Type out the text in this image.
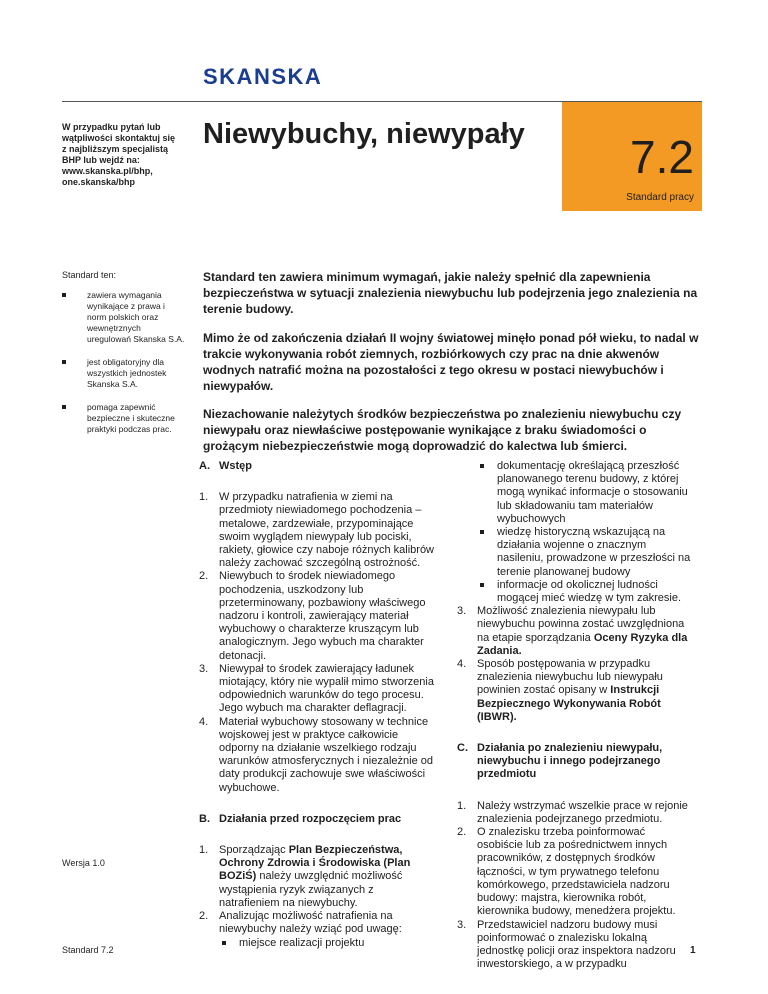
SKANSKA
W przypadku pytań lub wątpliwości skontaktuj się z najbliższym specjalistą BHP lub wejdź na: www.skanska.pl/bhp, one.skanska/bhp
Niewybuchy, niewypały 7.2
Standard pracy
Standard ten:
zawiera wymagania wynikające z prawa i norm polskich oraz wewnętrznych uregulowań Skanska S.A.
jest obligatoryjny dla wszystkich jednostek Skanska S.A.
pomaga zapewnić bezpieczne i skuteczne praktyki podczas prac.

Standard ten zawiera minimum wymagań, jakie należy spełnić dla zapewnienia bezpieczeństwa w sytuacji znalezienia niewybuchu lub podejrzenia jego znalezienia na terenie budowy.

Mimo że od zakończenia działań II wojny światowej minęło ponad pół wieku, to nadal w trakcie wykonywania robót ziemnych, rozbiórkowych czy prac na dnie akwenów wodnych natrafić można na pozostałości z tego okresu w postaci niewybuchów i niewypałów.

Niezachowanie należytych środków bezpieczeństwa po znalezieniu niewybuchu czy niewypału oraz niewłaściwe postępowanie wynikające z braku świadomości o grożącym niebezpieczeństwie mogą doprowadzić do kalectwa lub śmierci.

A. Wstęp
1. W przypadku natrafienia w ziemi na przedmioty niewiadomego pochodzenia – metalowe, zardzewiałe, przypominające swoim wyglądem niewypały lub pociski, rakiety, głowice czy naboje różnych kalibrów należy zachować szczególną ostrożność.
2. Niewybuch to środek niewiadomego pochodzenia, uszkodzony lub przeterminowany, pozbawiony właściwego nadzoru i kontroli, zawierający materiał wybuchowy o charakterze kruszącym lub analogicznym. Jego wybuch ma charakter detonacji.
3. Niewypał to środek zawierający ładunek miotający, który nie wypalił mimo stworzenia odpowiednich warunków do tego procesu. Jego wybuch ma charakter deflagracji.
4. Materiał wybuchowy stosowany w technice wojskowej jest w praktyce całkowicie odporny na działanie wszelkiego rodzaju warunków atmosferycznych i niezależnie od daty produkcji zachowuje swe właściwości wybuchowe.
B. Działania przed rozpoczęciem prac
1. Sporządzając Plan Bezpieczeństwa, Ochrony Zdrowia i Środowiska (Plan BOZiŚ) należy uwzględnić możliwość wystąpienia ryzyk związanych z natrafieniem na niewybuchy.
2. Analizując możliwość natrafienia na niewybuchy należy wziąć pod uwagę:
miejsce realizacji projektu
dokumentację określającą przeszłość planowanego terenu budowy, z której mogą wynikać informacje o stosowaniu lub składowaniu tam materiałów wybuchowych
wiedzę historyczną wskazującą na działania wojenne o znacznym nasileniu, prowadzone w przeszłości na terenie planowanej budowy
informacje od okolicznej ludności mogącej mieć wiedzę w tym zakresie.
3. Możliwość znalezienia niewypału lub niewybuchu powinna zostać uwzględniona na etapie sporządzania Oceny Ryzyka dla Zadania.
4. Sposób postępowania w przypadku znalezienia niewybuchu lub niewypału powinien zostać opisany w Instrukcji Bezpiecznego Wykonywania Robót (IBWR).
C. Działania po znalezieniu niewypału, niewybuchu i innego podejrzanego przedmiotu
1. Należy wstrzymać wszelkie prace w rejonie znalezienia podejrzanego przedmiotu.
2. O znalezisku trzeba poinformować osobiście lub za pośrednictwem innych pracowników, z dostępnych środków łączności, w tym prywatnego telefonu komórkowego, przedstawiciela nadzoru budowy: majstra, kierownika robót, kierownika budowy, menedżera projektu.
3. Przedstawiciel nadzoru budowy musi poinformować o znalezisku lokalną jednostkę policji oraz inspektora nadzoru inwestorskiego, a w przypadku
Wersja 1.0
Standard 7.2	1
